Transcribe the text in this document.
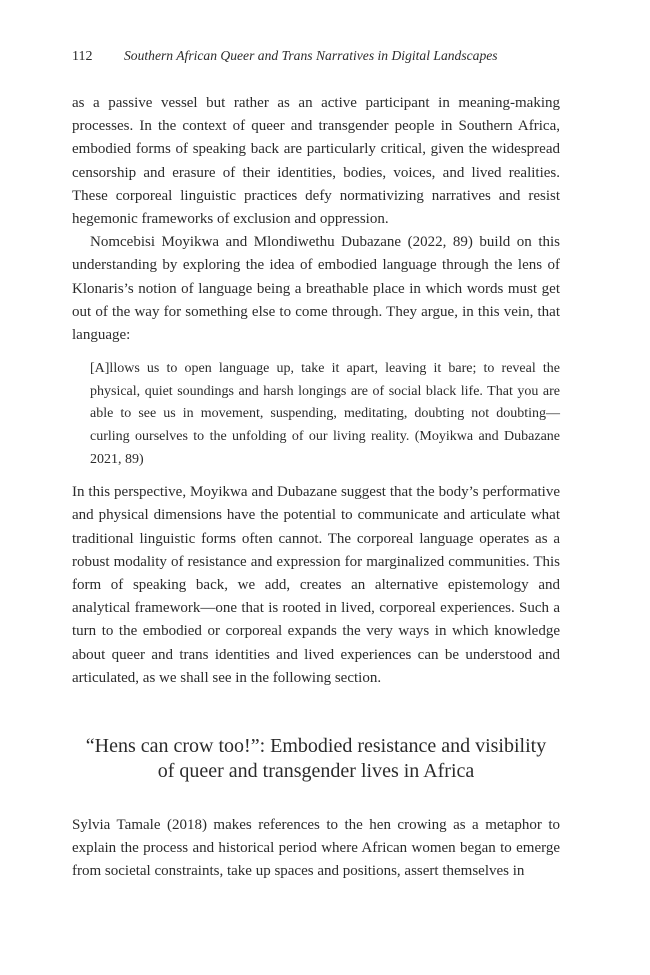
112 Southern African Queer and Trans Narratives in Digital Landscapes

as a passive vessel but rather as an active participant in meaning-making processes. In the context of queer and transgender people in Southern Africa, embodied forms of speaking back are particularly critical, given the widespread censorship and erasure of their identities, bodies, voices, and lived realities. These corporeal linguistic practices defy normativizing narratives and resist hegemonic frameworks of exclusion and oppression.

Nomcebisi Moyikwa and Mlondiwethu Dubazane (2022, 89) build on this understanding by exploring the idea of embodied language through the lens of Klonaris’s notion of language being a breathable place in which words must get out of the way for something else to come through. They argue, in this vein, that language:

[A]llows us to open language up, take it apart, leaving it bare; to reveal the physical, quiet soundings and harsh longings are of social black life. That you are able to see us in movement, suspending, meditating, doubting not doubting—curling ourselves to the unfolding of our living reality. (Moyikwa and Dubazane 2021, 89)

In this perspective, Moyikwa and Dubazane suggest that the body’s performative and physical dimensions have the potential to communicate and articulate what traditional linguistic forms often cannot. The corporeal language operates as a robust modality of resistance and expression for marginalized communities. This form of speaking back, we add, creates an alternative epistemology and analytical framework—one that is rooted in lived, corporeal experiences. Such a turn to the embodied or corporeal expands the very ways in which knowledge about queer and trans identities and lived experiences can be understood and articulated, as we shall see in the following section.

“Hens can crow too!”: Embodied resistance and visibility
of queer and transgender lives in Africa

Sylvia Tamale (2018) makes references to the hen crowing as a metaphor to explain the process and historical period where African women began to emerge from societal constraints, take up spaces and positions, assert themselves in
